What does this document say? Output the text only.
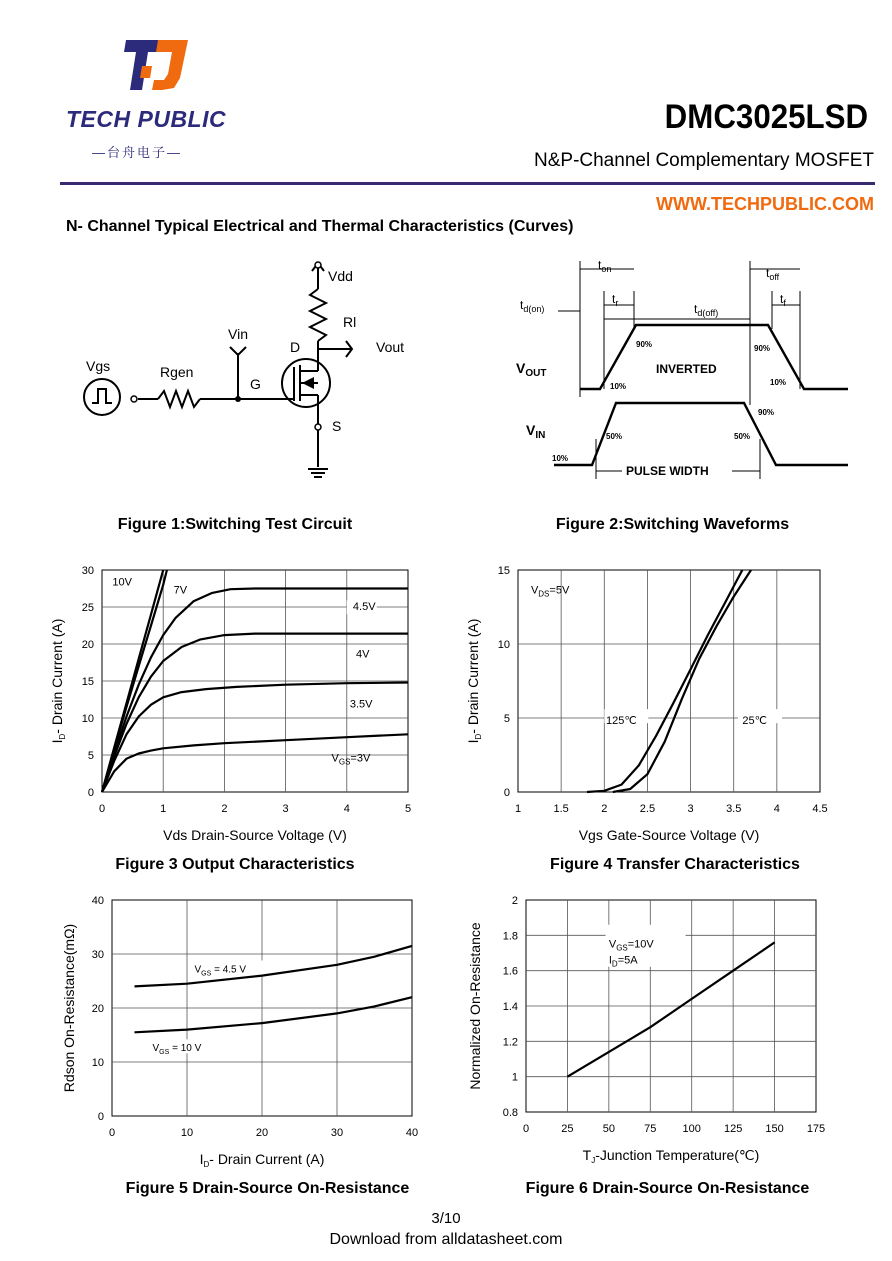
TECH PUBLIC
—台舟电子—
DMC3025LSD
N&P-Channel Complementary MOSFET
WWW.TECHPUBLIC.COM
N- Channel Typical Electrical and Thermal Characteristics (Curves)
Vdd
Rl
Vin
D	Vout
Vgs	Rgen
G
S
Figure 1:Switching Test Circuit
$t_{on}$
$t_r$
$t_{off}$
$t_f$
$t_{d(on)}$	$t_{d(off)}$
$V_{OUT}$
$V_{IN}$
INVERTED
PULSE WIDTH
90%	90%
10%	10%
90%
50%	50%
10%
Figure 2:Switching Waveforms
0	1	2	3	4	5
0
5
10
15
20
25
30
Vds Drain-Source Voltage (V)
$I_D-$ Drain Current (A)
10V
7V
4.5V
4V
3.5V
$V_{GS}=3V$
Figure 3 Output Characteristics
1	1.5	2	2.5	3	3.5	4	4.5
0
5
10
15
Vgs Gate-Source Voltage (V)
$I_D-$ Drain Current (A)
$V_{DS}=5V$
125℃	25℃
Figure 4 Transfer Characteristics
0	10	20	30	40
0
10
20
30
40
$I_D-$ Drain Current (A)
Rdson On-Resistance(mΩ)	$V_{GS} = 4.5$ V
$V_{GS} = 10$ V
Figure 5 Drain-Source On-Resistance
0	25	50	75 100 125 150 175
0.8
1
1.2
1.4
1.6
1.8
2
$T_J$-Junction Temperature(℃)
Normalized On-Resistance	$V_{GS}=10V$
$I_D=5A$
Figure 6 Drain-Source On-Resistance
3/10
Download from alldatasheet.com
